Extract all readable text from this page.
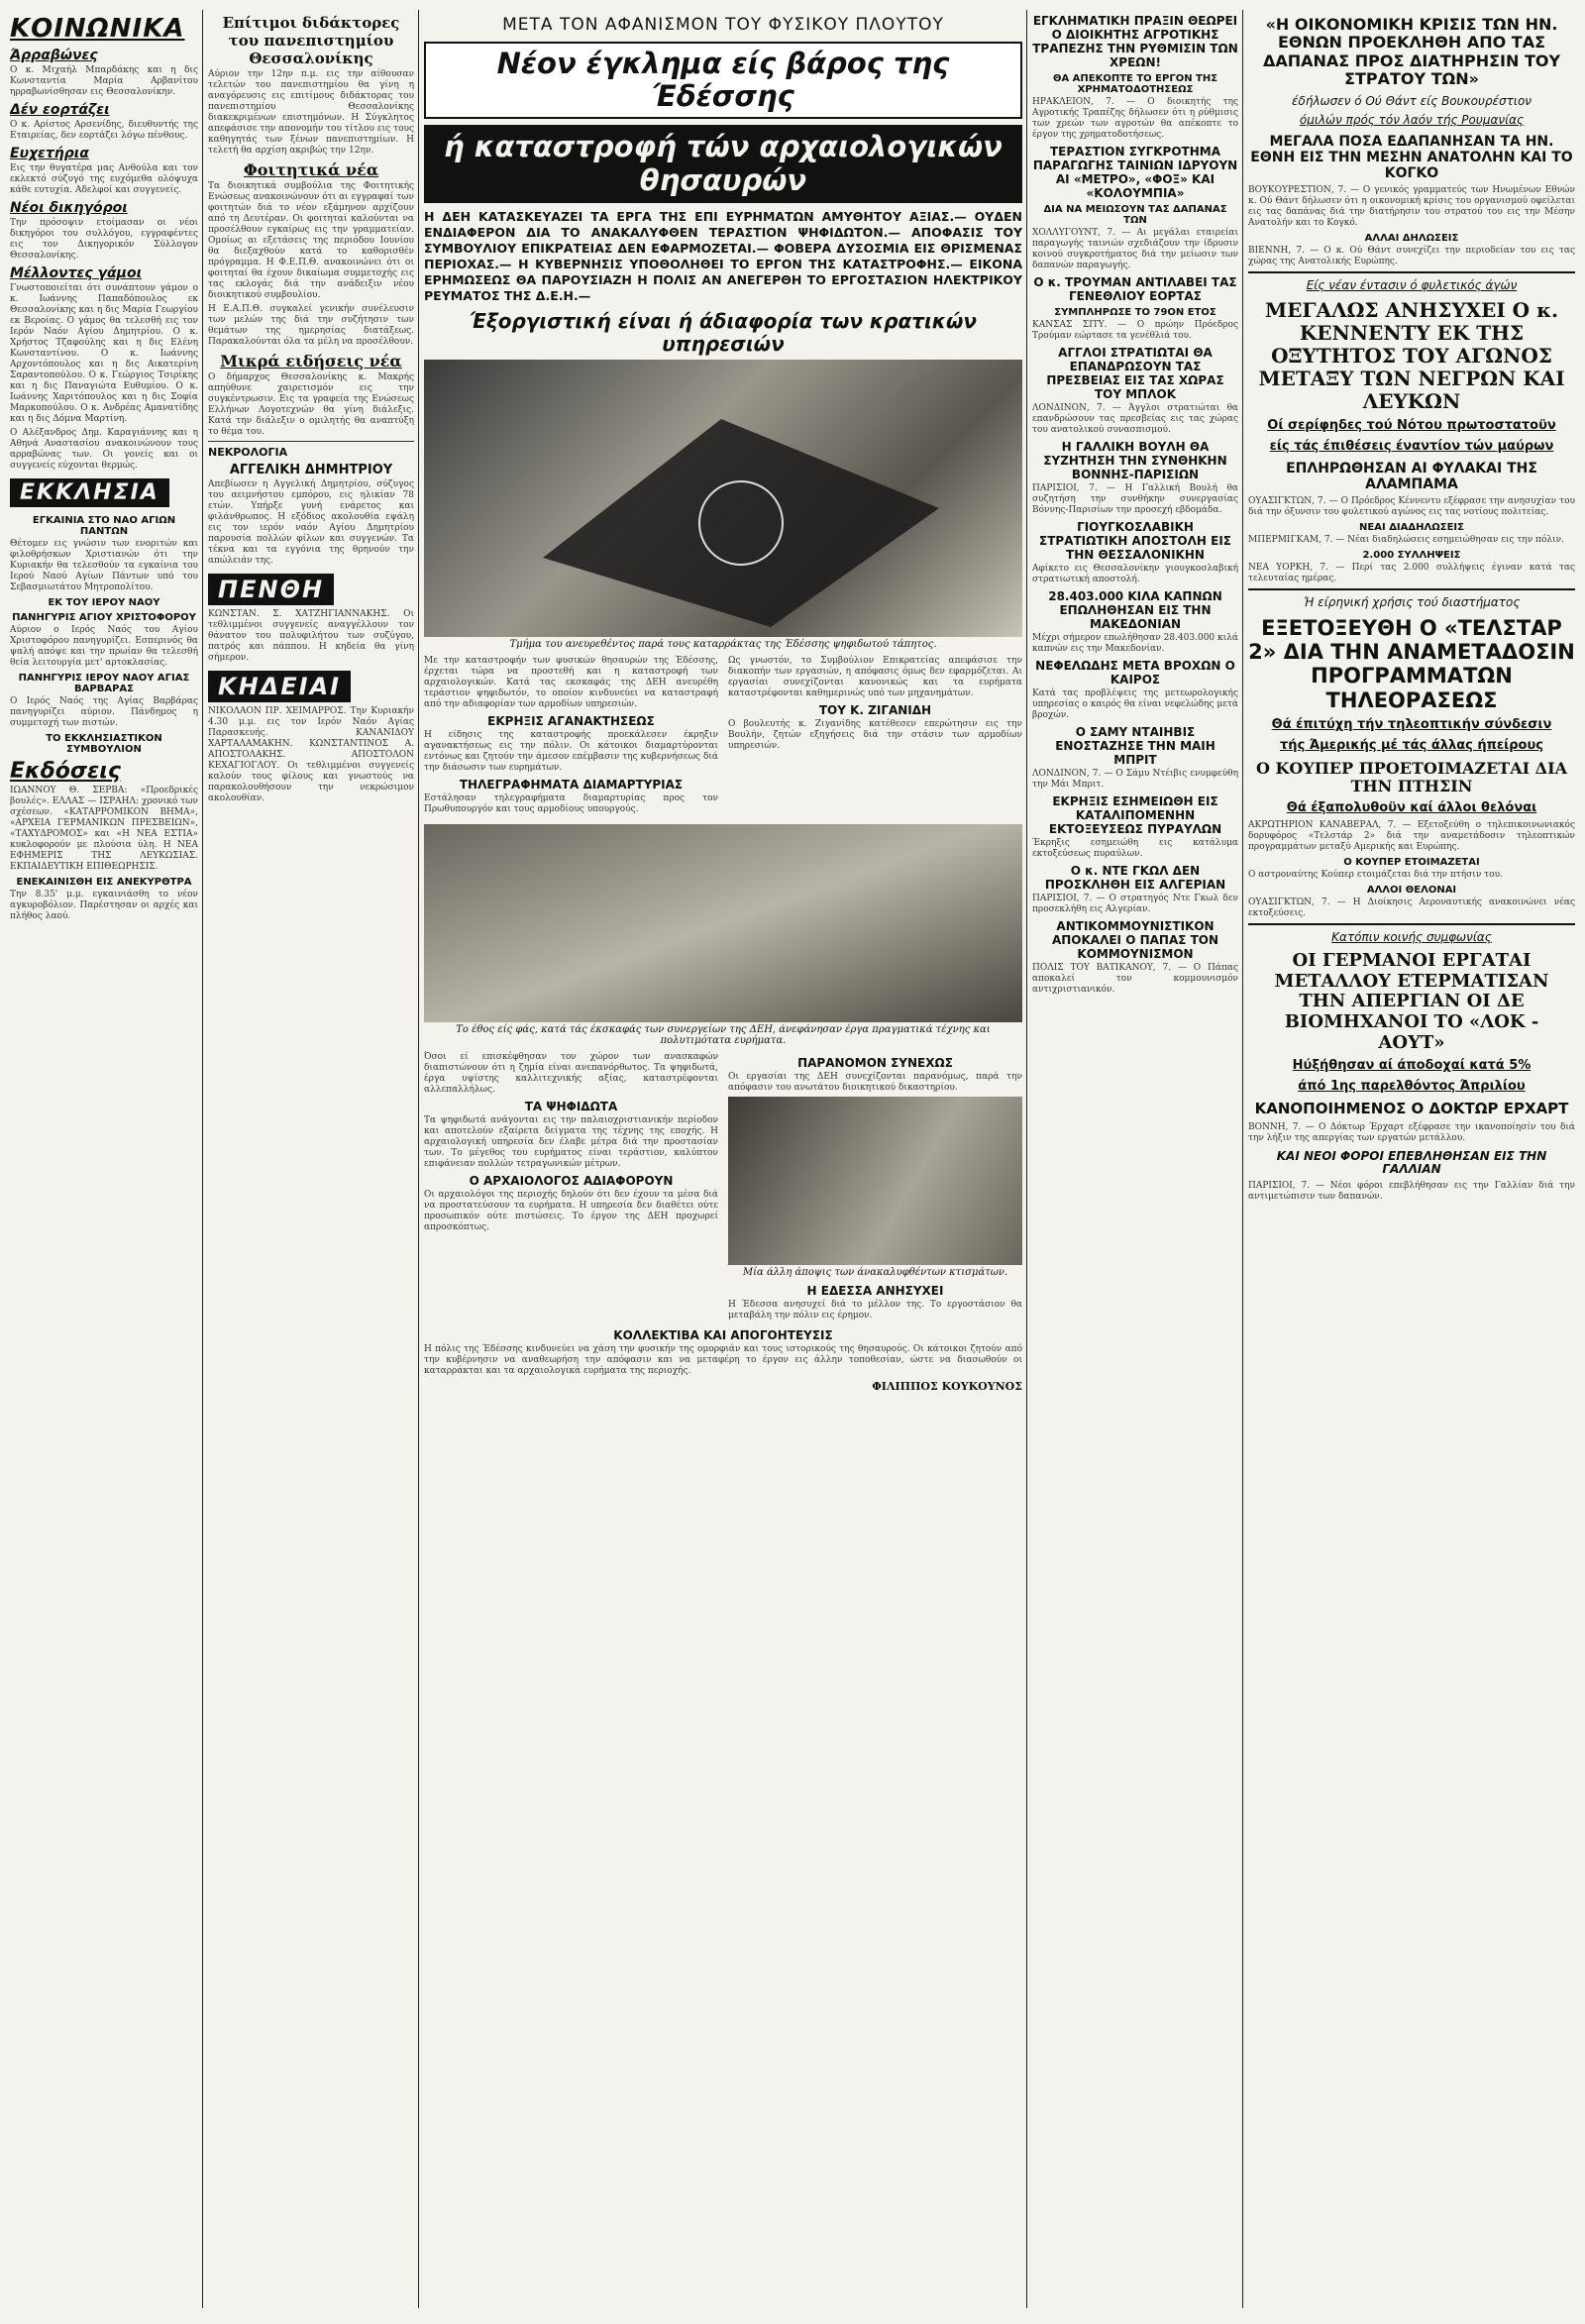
ΚΟΙΝΩΝΙΚΑ
Άρραβώνες

Ο κ. Μιχαήλ Μπαρδάκης και η δις Κωνσταντία Μαρία Αρβανίτου ηρραβωνίσθησαν εις Θεσσαλονίκην.

Δέν εορτάζει

Ο κ. Αρίστος Αρσενίδης, διευθυντής της Εταιρείας, δεν εορτάζει λόγω πένθους.

Ευχετήρια

Εις την θυγατέρα μας Ανθούλα και τον εκλεκτό σύζυγό της ευχόμεθα ολόψυχα κάθε ευτυχία. Αδελφοί και συγγενείς.

Νέοι δικηγόροι

Την πρόσοψιν ετοίμασαν οι νέοι δικηγόροι του συλλόγου, εγγραφέντες εις τον Δικηγορικόν Σύλλογον Θεσσαλονίκης.

Μέλλοντες γάμοι

Γνωστοποιείται ότι συνάπτουν γάμον ο κ. Ιωάννης Παπαδόπουλος εκ Θεσσαλονίκης και η δις Μαρία Γεωργίου εκ Βεροίας. Ο γάμος θα τελεσθή εις τον Ιερόν Ναόν Αγίου Δημητρίου. Ο κ. Χρήστος Τζαφούλης και η δις Ελένη Κωνσταντίνου. Ο κ. Ιωάννης Αρχοντόπουλος και η δις Αικατερίνη Σαραντοπούλου. Ο κ. Γεώργιος Τσιρίκης και η δις Παναγιώτα Ευθυμίου. Ο κ. Ιωάννης Χαριτόπουλος και η δις Σοφία Μαρκοπούλου. Ο κ. Ανδρέας Αμανατίδης και η δις Δόμνα Μαρτίνη.

Ο Αλέξανδρος Δημ. Καραγιάννης και η Αθηνά Αναστασίου ανακοινώνουν τους αρραβώνας των. Οι γονείς και οι συγγενείς εύχονται θερμώς.

ΕΚΚΛΗΣΙΑ
ΕΓΚΑΙΝΙΑ ΣΤΟ ΝΑΟ ΑΓΙΩΝ ΠΑΝΤΩΝ

Θέτομεν εις γνώσιν των ενοριτών και φιλοθρήσκων Χριστιανών ότι την Κυριακήν θα τελεσθούν τα εγκαίνια του Ιερού Ναού Αγίων Πάντων υπό του Σεβασμιωτάτου Μητροπολίτου.

ΕΚ ΤΟΥ ΙΕΡΟΥ ΝΑΟΥ
ΠΑΝΗΓΥΡΙΣ ΑΓΙΟΥ ΧΡΙΣΤΟΦΟΡΟΥ

Αύριον ο Ιερός Ναός του Αγίου Χριστοφόρου πανηγυρίζει. Εσπερινός θα ψαλή απόψε και την πρωίαν θα τελεσθή θεία λειτουργία μετ' αρτοκλασίας.

ΠΑΝΗΓΥΡΙΣ ΙΕΡΟΥ ΝΑΟΥ ΑΓΙΑΣ ΒΑΡΒΑΡΑΣ

Ο Ιερός Ναός της Αγίας Βαρβάρας πανηγυρίζει αύριον. Πάνδημος η συμμετοχή των πιστών.

ΤΟ ΕΚΚΛΗΣΙΑΣΤΙΚΟΝ ΣΥΜΒΟΥΛΙΟΝ
Εκδόσεις

ΙΩΑΝΝΟΥ Θ. ΣΕΡΒΑ: «Προεδρικές βουλές». ΕΛΛΑΣ — ΙΣΡΑΗΛ: χρονικό των σχέσεων. «ΚΑΤΑΡΡΟΜΙΚΟΝ ΒΗΜΑ», «ΑΡΧΕΙΑ ΓΕΡΜΑΝΙΚΩΝ ΠΡΕΣΒΕΙΩΝ», «ΤΑΧΥΔΡΟΜΟΣ» και «Η ΝΕΑ ΕΣΤΙΑ» κυκλοφορούν με πλούσια ύλη. Η ΝΕΑ ΕΦΗΜΕΡΙΣ ΤΗΣ ΛΕΥΚΩΣΙΑΣ. ΕΚΠΑΙΔΕΥΤΙΚΗ ΕΠΙΘΕΩΡΗΣΙΣ.

ΕΝΕΚΑΙΝΙΣΘΗ ΕΙΣ ΑΝΕΚΥΡΘΤΡΑ

Την 8.35' μ.μ. εγκαινιάσθη το νέον αγκυροβόλιον. Παρέστησαν οι αρχές και πλήθος λαού.

Επίτιμοι διδάκτορες του πανεπιστημίου Θεσσαλονίκης

Αύριον την 12ην π.μ. εις την αίθουσαν τελετών του πανεπιστημίου θα γίνη η αναγόρευσις εις επιτίμους διδάκτορας του πανεπιστημίου Θεσσαλονίκης διακεκριμένων επιστημόνων. Η Σύγκλητος απεφάσισε την απονομήν του τίτλου εις τους καθηγητάς των ξένων πανεπιστημίων. Η τελετή θα αρχίση ακριβώς την 12ην.

Φοιτητικά νέα

Τα διοικητικά συμβούλια της Φοιτητικής Ενώσεως ανακοινώνουν ότι αι εγγραφαί των φοιτητών διά το νέον εξάμηνον αρχίζουν από τη Δευτέραν. Οι φοιτηταί καλούνται να προσέλθουν εγκαίρως εις την γραμματείαν. Ομοίως αι εξετάσεις της περιόδου Ιουνίου θα διεξαχθούν κατά το καθορισθέν πρόγραμμα. Η Φ.Ε.Π.Θ. ανακοινώνει ότι οι φοιτηταί θα έχουν δικαίωμα συμμετοχής εις τας εκλογάς διά την ανάδειξιν νέου διοικητικού συμβουλίου.

Η Ε.Α.Π.Θ. συγκαλεί γενικήν συνέλευσιν των μελών της διά την συζήτησιν των θεμάτων της ημερησίας διατάξεως. Παρακαλούνται όλα τα μέλη να προσέλθουν.

Μικρά ειδήσεις νέα

Ο δήμαρχος Θεσσαλονίκης κ. Μακρής απηύθυνε χαιρετισμόν εις την συγκέντρωσιν. Εις τα γραφεία της Ενώσεως Ελλήνων Λογοτεχνών θα γίνη διάλεξις. Κατά την διάλεξιν ο ομιλητής θα αναπτύξη το θέμα του.

ΝΕΚΡΟΛΟΓΙΑ
ΑΓΓΕΛΙΚΗ ΔΗΜΗΤΡΙΟΥ

Απεβίωσεν η Αγγελική Δημητρίου, σύζυγος του αειμνήστου εμπόρου, εις ηλικίαν 78 ετών. Υπήρξε γυνή ενάρετος και φιλάνθρωπος. Η εξόδιος ακολουθία εψάλη εις τον ιερόν ναόν Αγίου Δημητρίου παρουσία πολλών φίλων και συγγενών. Τα τέκνα και τα εγγόνια της θρηνούν την απώλειάν της.

ΠΕΝΘΗ

ΚΩΝΣΤΑΝ. Σ. ΧΑΤΖΗΓΙΑΝΝΑΚΗΣ. Οι τεθλιμμένοι συγγενείς αναγγέλλουν τον θάνατον του πολυφιλήτου των συζύγου, πατρός και πάππου. Η κηδεία θα γίνη σήμερον.

ΚΗΔΕΙΑΙ

ΝΙΚΟΛΑΟΝ ΠΡ. ΧΕΙΜΑΡΡΟΣ. Την Κυριακήν 4.30 μ.μ. εις τον Ιερόν Ναόν Αγίας Παρασκευής. ΚΑΝΑΝΙΔΟΥ ΧΑΡΤΑΛΑΜΑΚΗΝ. ΚΩΝΣΤΑΝΤΙΝΟΣ Α. ΑΠΟΣΤΟΛΑΚΗΣ. ΑΠΟΣΤΟΛΟΝ ΚΕΧΑΓΙΟΓΛΟΥ. Οι τεθλιμμένοι συγγενείς καλούν τους φίλους και γνωστούς να παρακολουθήσουν την νεκρώσιμον ακολουθίαν.

ΜΕΤΑ ΤΟΝ ΑΦΑΝΙΣΜΟΝ ΤΟΥ ΦΥΣΙΚΟΥ ΠΛΟΥΤΟΥ
Νέον έγκλημα είς βάρος της Έδέσσης
ή καταστροφή τών αρχαιολογικών θησαυρών
Η ΔΕΗ ΚΑΤΑΣΚΕΥΑΖΕΙ ΤΑ ΕΡΓΑ ΤΗΣ ΕΠΙ ΕΥΡΗΜΑΤΩΝ ΑΜΥΘΗΤΟΥ ΑΞΙΑΣ.— ΟΥΔΕΝ ΕΝΔΙΑΦΕΡΟΝ ΔΙΑ ΤΟ ΑΝΑΚΑΛΥΦΘΕΝ ΤΕΡΑΣΤΙΟΝ ΨΗΦΙΔΩΤΟΝ.— ΑΠΟΦΑΣΙΣ ΤΟΥ ΣΥΜΒΟΥΛΙΟΥ ΕΠΙΚΡΑΤΕΙΑΣ ΔΕΝ ΕΦΑΡΜΟΖΕΤΑΙ.— ΦΟΒΕΡΑ ΔΥΣΟΣΜΙΑ ΕΙΣ ΘΡΙΣΜΕΝΑΣ ΠΕΡΙΟΧΑΣ.— Η ΚΥΒΕΡΝΗΣΙΣ ΥΠΟΘΟΛΗΘΕΙ ΤΟ ΕΡΓΟΝ ΤΗΣ ΚΑΤΑΣΤΡΟΦΗΣ.— ΕΙΚΟΝΑ ΕΡΗΜΩΣΕΩΣ ΘΑ ΠΑΡΟΥΣΙΑΖΗ Η ΠΟΛΙΣ ΑΝ ΑΝΕΓΕΡΘΗ ΤΟ ΕΡΓΟΣΤΑΣΙΟΝ ΗΛΕΚΤΡΙΚΟΥ ΡΕΥΜΑΤΟΣ ΤΗΣ Δ.Ε.Η.—
Έξοργιστική είναι ή άδιαφορία των κρατικών υπηρεσιών
Τμήμα του ανευρεθέντος παρά τους καταρράκτας της Έδέσσης ψηφιδωτού τάπητος.

Με την καταστροφήν των φυσικών θησαυρών της Έδέσσης, έρχεται τώρα να προστεθή και η καταστροφή των αρχαιολογικών. Κατά τας εκσκαφάς της ΔΕΗ ανευρέθη τεράστιον ψηφιδωτόν, το οποίον κινδυνεύει να καταστραφή από την αδιαφορίαν των αρμοδίων υπηρεσιών.

ΕΚΡΗΞΙΣ ΑΓΑΝΑΚΤΗΣΕΩΣ

Η είδησις της καταστροφής προεκάλεσεν έκρηξιν αγανακτήσεως εις την πόλιν. Οι κάτοικοι διαμαρτύρονται εντόνως και ζητούν την άμεσον επέμβασιν της κυβερνήσεως διά την διάσωσιν των ευρημάτων.

ΤΗΛΕΓΡΑΦΗΜΑΤΑ ΔΙΑΜΑΡΤΥΡΙΑΣ

Εστάλησαν τηλεγραφήματα διαμαρτυρίας προς τον Πρωθυπουργόν και τους αρμοδίους υπουργούς.

Ως γνωστόν, το Συμβούλιον Επικρατείας απεφάσισε την διακοπήν των εργασιών, η απόφασις όμως δεν εφαρμόζεται. Αι εργασίαι συνεχίζονται κανονικώς και τα ευρήματα καταστρέφονται καθημερινώς υπό των μηχανημάτων.

ΤΟΥ Κ. ΖΙΓΑΝΙΔΗ

Ο βουλευτής κ. Ζιγανίδης κατέθεσεν επερώτησιν εις την Βουλήν, ζητών εξηγήσεις διά την στάσιν των αρμοδίων υπηρεσιών.

Το έθος είς φάς, κατά τάς έκσκαφάς των συνεργείων της ΔΕΗ, άνεφάνησαν έργα πραγματικά τέχνης και πολυτιμότατα ευρήματα.

Όσοι εί επισκέφθησαν τον χώρον των ανασκαφών διαπιστώνουν ότι η ζημία είναι ανεπανόρθωτος. Τα ψηφιδωτά, έργα υψίστης καλλιτεχνικής αξίας, καταστρέφονται αλλεπαλλήλως.

ΤΑ ΨΗΦΙΔΩΤΑ

Τα ψηφιδωτά ανάγονται εις την παλαιοχριστιανικήν περίοδον και αποτελούν εξαίρετα δείγματα της τέχνης της εποχής. Η αρχαιολογική υπηρεσία δεν έλαβε μέτρα διά την προστασίαν των. Το μέγεθος του ευρήματος είναι τεράστιον, καλύπτον επιφάνειαν πολλών τετραγωνικών μέτρων.

Ο ΑΡΧΑΙΟΛΟΓΟΣ ΑΔΙΑΦΟΡΟΥΝ

Οι αρχαιολόγοι της περιοχής δηλούν ότι δεν έχουν τα μέσα διά να προστατεύσουν τα ευρήματα. Η υπηρεσία δεν διαθέτει ούτε προσωπικόν ούτε πιστώσεις. Το έργον της ΔΕΗ προχωρεί απροσκόπτως.

ΠΑΡΑΝΟΜΟΝ ΣΥΝΕΧΩΣ

Οι εργασίαι της ΔΕΗ συνεχίζονται παρανόμως, παρά την απόφασιν του ανωτάτου διοικητικού δικαστηρίου.

Μία άλλη άποψις των άνακαλυφθέντων κτισμάτων.
Η ΕΔΕΣΣΑ ΑΝΗΣΥΧΕΙ

Η Έδεσσα ανησυχεί διά το μέλλον της. Το εργοστάσιον θα μεταβάλη την πόλιν εις έρημον.

ΚΟΛΛΕΚΤΙΒΑ ΚΑΙ ΑΠΟΓΟΗΤΕΥΣΙΣ

Η πόλις της Έδέσσης κινδυνεύει να χάση την φυσικήν της ομορφιάν και τους ιστορικούς της θησαυρούς. Οι κάτοικοι ζητούν από την κυβέρνησιν να αναθεωρήση την απόφασιν και να μεταφέρη το έργον εις άλλην τοποθεσίαν, ώστε να διασωθούν οι καταρράκται και τα αρχαιολογικά ευρήματα της περιοχής.

ΦΙΛΙΠΠΟΣ ΚΟΥΚΟΥΝΟΣ
ΕΓΚΛΗΜΑΤΙΚΗ ΠΡΑΞΙΝ ΘΕΩΡΕΙ Ο ΔΙΟΙΚΗΤΗΣ ΑΓΡΟΤΙΚΗΣ ΤΡΑΠΕΖΗΣ ΤΗΝ ΡΥΘΜΙΣΙΝ ΤΩΝ ΧΡΕΩΝ!
ΘΑ ΑΠΕΚΟΠΤΕ ΤΟ ΕΡΓΟΝ ΤΗΣ ΧΡΗΜΑΤΟΔΟΤΗΣΕΩΣ

ΗΡΑΚΛΕΙΟΝ, 7. — Ο διοικητής της Αγροτικής Τραπέζης δήλωσεν ότι η ρύθμισις των χρεών των αγροτών θα απέκοπτε το έργον της χρηματοδοτήσεως.

ΤΕΡΑΣΤΙΟΝ ΣΥΓΚΡΟΤΗΜΑ ΠΑΡΑΓΩΓΗΣ ΤΑΙΝΙΩΝ ΙΔΡΥΟΥΝ ΑΙ «ΜΕΤΡΟ», «ΦΟΞ» ΚΑΙ «ΚΟΛΟΥΜΠΙΑ»
ΔΙΑ ΝΑ ΜΕΙΩΣΟΥΝ ΤΑΣ ΔΑΠΑΝΑΣ ΤΩΝ

ΧΟΛΛΥΓΟΥΝΤ, 7. — Αι μεγάλαι εταιρείαι παραγωγής ταινιών σχεδιάζουν την ίδρυσιν κοινού συγκροτήματος διά την μείωσιν των δαπανών παραγωγής.

Ο κ. ΤΡΟΥΜΑΝ ΑΝΤΙΛΑΒΕΙ ΤΑΣ ΓΕΝΕΘΛΙΟΥ ΕΟΡΤΑΣ
ΣΥΜΠΛΗΡΩΣΕ ΤΟ 79ΟΝ ΕΤΟΣ

ΚΑΝΣΑΣ ΣΙΤΥ. — Ο πρώην Πρόεδρος Τρούμαν εώρτασε τα γενέθλιά του.

ΑΓΓΛΟΙ ΣΤΡΑΤΙΩΤΑΙ ΘΑ ΕΠΑΝΔΡΩΣΟΥΝ ΤΑΣ ΠΡΕΣΒΕΙΑΣ ΕΙΣ ΤΑΣ ΧΩΡΑΣ ΤΟΥ ΜΠΛΟΚ

ΛΟΝΔΙΝΟΝ, 7. — Άγγλοι στρατιώται θα επανδρώσουν τας πρεσβείας εις τας χώρας του ανατολικού συνασπισμού.

Η ΓΑΛΛΙΚΗ ΒΟΥΛΗ ΘΑ ΣΥΖΗΤΗΣΗ ΤΗΝ ΣΥΝΘΗΚΗΝ ΒΟΝΝΗΣ-ΠΑΡΙΣΙΩΝ

ΠΑΡΙΣΙΟΙ, 7. — Η Γαλλική Βουλή θα συζητήση την συνθήκην συνεργασίας Βόννης-Παρισίων την προσεχή εβδομάδα.

ΓΙΟΥΓΚΟΣΛΑΒΙΚΗ ΣΤΡΑΤΙΩΤΙΚΗ ΑΠΟΣΤΟΛΗ ΕΙΣ ΤΗΝ ΘΕΣΣΑΛΟΝΙΚΗΝ

Αφίκετο εις Θεσσαλονίκην γιουγκοσλαβική στρατιωτική αποστολή.

28.403.000 ΚΙΛΑ ΚΑΠΝΩΝ ΕΠΩΛΗΘΗΣΑΝ ΕΙΣ ΤΗΝ ΜΑΚΕΔΟΝΙΑΝ

Μέχρι σήμερον επωλήθησαν 28.403.000 κιλά καπνών εις την Μακεδονίαν.

ΝΕΦΕΛΩΔΗΣ ΜΕΤΑ ΒΡΟΧΩΝ Ο ΚΑΙΡΟΣ

Κατά τας προβλέψεις της μετεωρολογικής υπηρεσίας ο καιρός θα είναι νεφελώδης μετά βροχών.

Ο ΣΑΜΥ ΝΤΑΙΗΒΙΣ ΕΝΟΣΤΑΖΗΣΕ ΤΗΝ ΜΑΙΗ ΜΠΡΙΤ

ΛΟΝΔΙΝΟΝ, 7. — Ο Σάμυ Ντέιβις ενυμφεύθη την Μάι Μπριτ.

ΕΚΡΗΞΙΣ ΕΣΗΜΕΙΩΘΗ ΕΙΣ ΚΑΤΑΛΙΠΟΜΕΝΗΝ ΕΚΤΟΞΕΥΣΕΩΣ ΠΥΡΑΥΛΩΝ

Έκρηξις εσημειώθη εις κατάλυμα εκτοξεύσεως πυραύλων.

Ο κ. ΝΤΕ ΓΚΩΛ ΔΕΝ ΠΡΟΣΚΛΗΘΗ ΕΙΣ ΑΛΓΕΡΙΑΝ

ΠΑΡΙΣΙΟΙ, 7. — Ο στρατηγός Ντε Γκωλ δεν προσεκλήθη εις Αλγερίαν.

ΑΝΤΙΚΟΜΜΟΥΝΙΣΤΙΚΟΝ ΑΠΟΚΑΛΕΙ Ο ΠΑΠΑΣ ΤΟΝ ΚΟΜΜΟΥΝΙΣΜΟΝ

ΠΟΛΙΣ ΤΟΥ ΒΑΤΙΚΑΝΟΥ, 7. — Ο Πάπας αποκαλεί τον κομμουνισμόν αντιχριστιανικόν.

«Η ΟΙΚΟΝΟΜΙΚΗ ΚΡΙΣΙΣ ΤΩΝ ΗΝ. ΕΘΝΩΝ ΠΡΟΕΚΛΗΘΗ ΑΠΟ ΤΑΣ ΔΑΠΑΝΑΣ ΠΡΟΣ ΔΙΑΤΗΡΗΣΙΝ ΤΟΥ ΣΤΡΑΤΟΥ ΤΩΝ»
έδήλωσεν ό Ού Θάντ είς Βουκουρέστιον
όμιλών πρός τόν λαόν τής Ρουμανίας
ΜΕΓΑΛΑ ΠΟΣΑ ΕΔΑΠΑΝΗΣΑΝ ΤΑ ΗΝ. ΕΘΝΗ ΕΙΣ ΤΗΝ ΜΕΣΗΝ ΑΝΑΤΟΛΗΝ ΚΑΙ ΤΟ ΚΟΓΚΟ

ΒΟΥΚΟΥΡΕΣΤΙΟΝ, 7. — Ο γενικός γραμματεύς των Ηνωμένων Εθνών κ. Ού Θάντ δήλωσεν ότι η οικονομική κρίσις του οργανισμού οφείλεται εις τας δαπάνας διά την διατήρησιν του στρατού του εις την Μέσην Ανατολήν και το Κογκό.

ΑΛΛΑΙ ΔΗΛΩΣΕΙΣ

ΒΙΕΝΝΗ, 7. — Ο κ. Ού Θάντ συνεχίζει την περιοδείαν του εις τας χώρας της Ανατολικής Ευρώπης.

Είς νέαν έντασιν ό φυλετικός άγών
ΜΕΓΑΛΩΣ ΑΝΗΣΥΧΕΙ Ο κ. ΚΕΝΝΕΝΤΥ ΕΚ ΤΗΣ ΟΞΥΤΗΤΟΣ ΤΟΥ ΑΓΩΝΟΣ ΜΕΤΑΞΥ ΤΩΝ ΝΕΓΡΩΝ ΚΑΙ ΛΕΥΚΩΝ
Οί σερίφηδες τού Νότου πρωτοστατοϋν
είς τάς έπιθέσεις έναντίον τών μαύρων
ΕΠΛΗΡΩΘΗΣΑΝ ΑΙ ΦΥΛΑΚΑΙ ΤΗΣ ΑΛΑΜΠΑΜΑ

ΟΥΑΣΙΓΚΤΩΝ, 7. — Ο Πρόεδρος Κέννεντυ εξέφρασε την ανησυχίαν του διά την όξυνσιν του φυλετικού αγώνος εις τας νοτίους πολιτείας.

ΝΕΑΙ ΔΙΑΔΗΛΩΣΕΙΣ

ΜΠΕΡΜΙΓΚΑΜ, 7. — Νέαι διαδηλώσεις εσημειώθησαν εις την πόλιν.

2.000 ΣΥΛΛΗΨΕΙΣ

ΝΕΑ ΥΟΡΚΗ, 7. — Περί τας 2.000 συλλήψεις έγιναν κατά τας τελευταίας ημέρας.

Ή είρηνική χρήσις τού διαστήματος
ΕΞΕΤΟΞΕΥΘΗ Ο «ΤΕΛΣΤΑΡ 2» ΔΙΑ ΤΗΝ ΑΝΑΜΕΤΑΔΟΣΙΝ ΠΡΟΓΡΑΜΜΑΤΩΝ ΤΗΛΕΟΡΑΣΕΩΣ
Θά έπιτύχη τήν τηλεοπτικήν σύνδεσιν
τής Άμερικής μέ τάς άλλας ήπείρους
Ο ΚΟΥΠΕΡ ΠΡΟΕΤΟΙΜΑΖΕΤΑΙ ΔΙΑ ΤΗΝ ΠΤΗΣΙΝ
Θά έξαπολυθοϋν καί άλλοι θελόναι

ΑΚΡΩΤΗΡΙΟΝ ΚΑΝΑΒΕΡΑΛ, 7. — Εξετοξεύθη ο τηλεπικοινωνιακός δορυφόρος «Τελστάρ 2» διά την αναμετάδοσιν τηλεοπτικών προγραμμάτων μεταξύ Αμερικής και Ευρώπης.

Ο ΚΟΥΠΕΡ ΕΤΟΙΜΑΖΕΤΑΙ

Ο αστροναύτης Κούπερ ετοιμάζεται διά την πτήσιν του.

ΑΛΛΟΙ ΘΕΛΟΝΑΙ

ΟΥΑΣΙΓΚΤΩΝ, 7. — Η Διοίκησις Αεροναυτικής ανακοινώνει νέας εκτοξεύσεις.

Κατόπιν κοινής συμφωνίας
ΟΙ ΓΕΡΜΑΝΟΙ ΕΡΓΑΤΑΙ ΜΕΤΑΛΛΟΥ ΕΤΕΡΜΑΤΙΣΑΝ ΤΗΝ ΑΠΕΡΓΙΑΝ ΟΙ ΔΕ ΒΙΟΜΗΧΑΝΟΙ ΤΟ «ΛΟΚ - ΑΟΥΤ»
Ηύξήθησαν αί άποδοχαί κατά 5%
άπό 1ης παρελθόντος Άπριλίου
ΚΑΝΟΠΟΙΗΜΕΝΟΣ Ο ΔΟΚΤΩΡ ΕΡΧΑΡΤ

ΒΟΝΝΗ, 7. — Ο Δόκτωρ Έρχαρτ εξέφρασε την ικανοποίησίν του διά την λήξιν της απεργίας των εργατών μετάλλου.

ΚΑΙ ΝΕΟΙ ΦΟΡΟΙ ΕΠΕΒΛΗΘΗΣΑΝ ΕΙΣ ΤΗΝ ΓΑΛΛΙΑΝ

ΠΑΡΙΣΙΟΙ, 7. — Νέοι φόροι επεβλήθησαν εις την Γαλλίαν διά την αντιμετώπισιν των δαπανών.
